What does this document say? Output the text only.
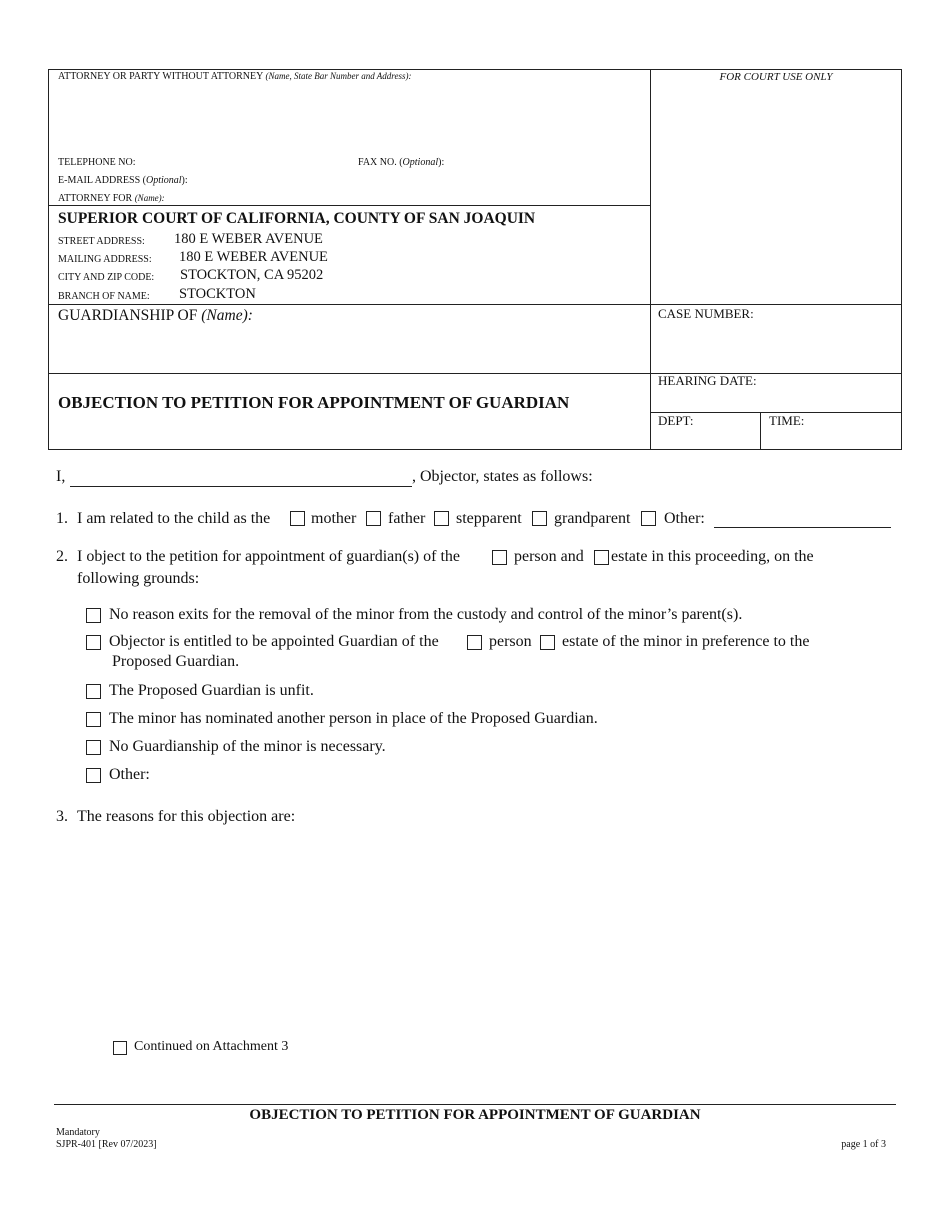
ATTORNEY OR PARTY WITHOUT ATTORNEY (Name, State Bar Number and Address):
TELEPHONE NO:	FAX NO. (Optional):
E-MAIL ADDRESS (Optional):
ATTORNEY FOR (Name):
FOR COURT USE ONLY
SUPERIOR COURT OF CALIFORNIA, COUNTY OF SAN JOAQUIN
STREET ADDRESS: 180 E WEBER AVENUE
MAILING ADDRESS: 180 E WEBER AVENUE
CITY AND ZIP CODE: STOCKTON, CA 95202
BRANCH OF NAME: STOCKTON
GUARDIANSHIP OF (Name):	CASE NUMBER:
OBJECTION TO PETITION FOR APPOINTMENT OF GUARDIAN
HEARING DATE:
DEPT:	TIME:
I,	, Objector, states as follows:
1. I am related to the child as the	mother father stepparent grandparent Other:
2. I object to the petition for appointment of guardian(s) of the	person and estate in this proceeding, on the
following grounds:
No reason exits for the removal of the minor from the custody and control of the minor’s parent(s).
Objector is entitled to be appointed Guardian of the	person estate of the minor in preference to the
Proposed Guardian.
The Proposed Guardian is unfit.
The minor has nominated another person in place of the Proposed Guardian.
No Guardianship of the minor is necessary.
Other:
3. The reasons for this objection are:
Continued on Attachment 3
OBJECTION TO PETITION FOR APPOINTMENT OF GUARDIAN
Mandatory
SJPR-401 [Rev 07/2023]	page 1 of 3
